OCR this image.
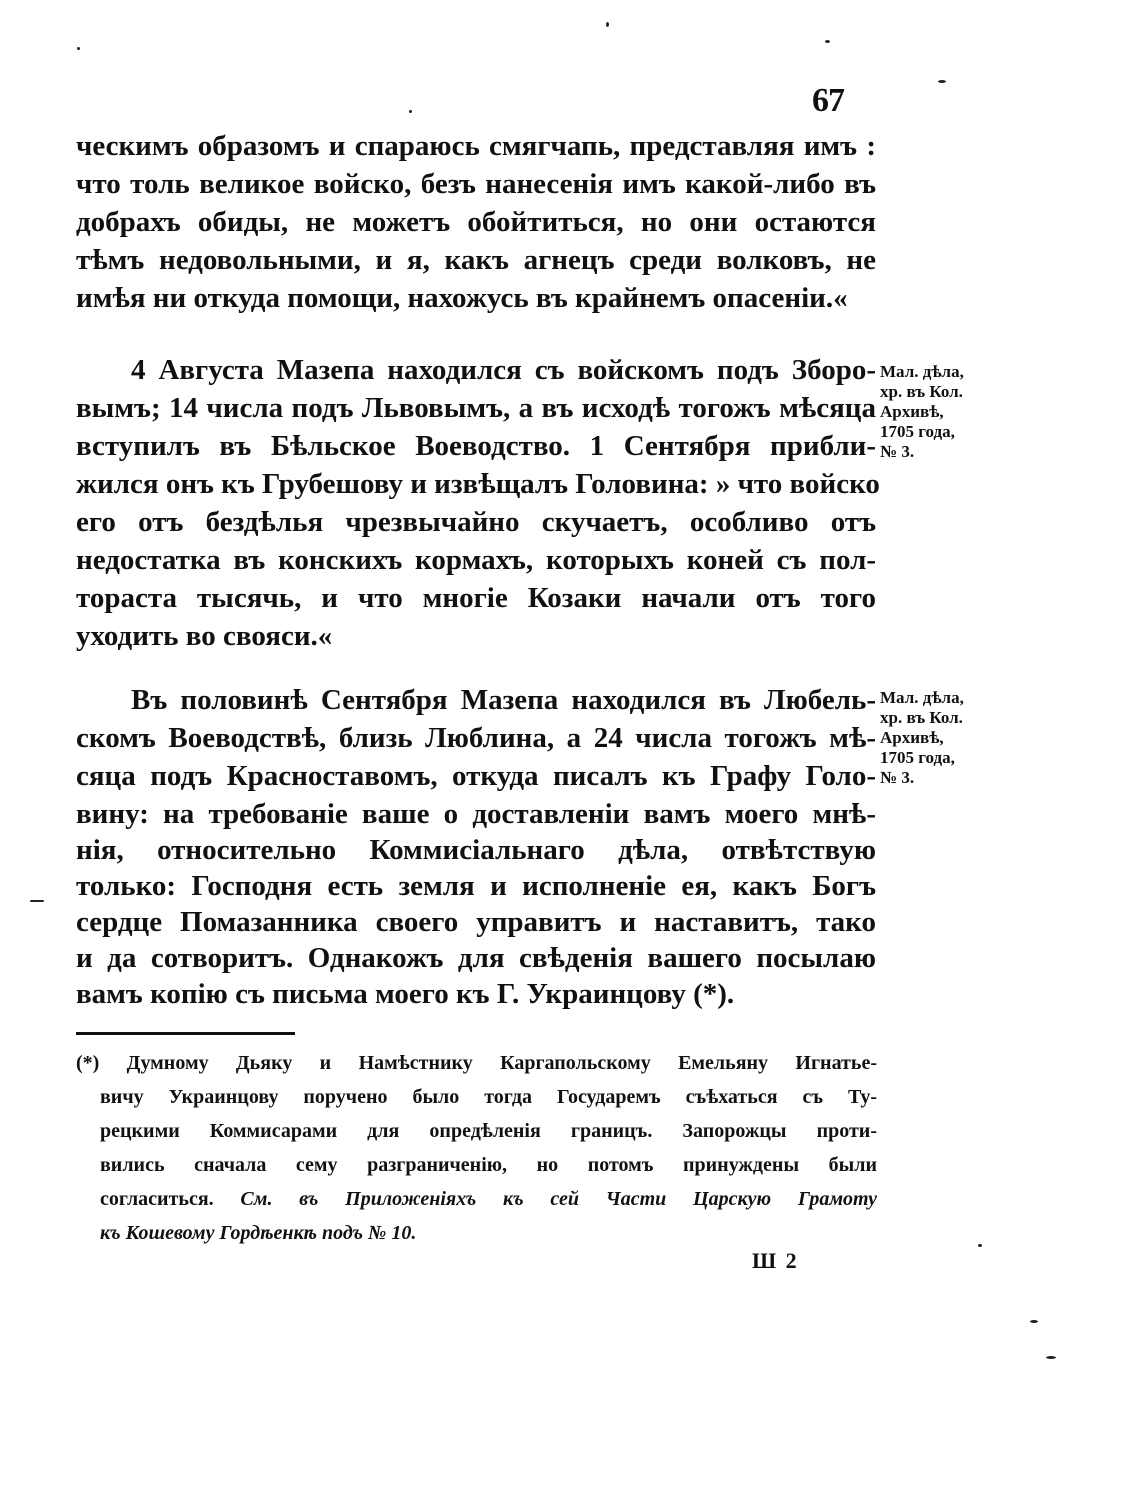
67
ческимъ образомъ и спараюсь смягчапь, представляя имъ :
что толь великое войско, безъ нанесенія имъ какой-либо въ
добрахъ обиды, не можетъ обойтиться, но они остаются
тѣмъ недовольными, и я, какъ агнецъ среди волковъ, не
имѣя ни откуда помощи, нахожусь въ крайнемъ опасеніи.«
4 Августа Мазепа находился съ войскомъ подъ Зборо-
вымъ; 14 числа подъ Львовымъ, а въ исходѣ тогожъ мѣсяца
вступилъ въ Бѣльское Воеводство. 1 Сентября прибли-
жился онъ къ Грубешову и извѣщалъ Головина: » что войско
его отъ бездѣлья чрезвычайно скучаетъ, особливо отъ
недостатка въ конскихъ кормахъ, которыхъ коней съ пол-
тораста тысячь, и что многіе Козаки начали отъ того
уходить во свояси.«
Мал. дѣла,
хр. въ Кол.
Архивѣ,
1705 года,
№ 3.
Въ половинѣ Сентября Мазепа находился въ Любель-
скомъ Воеводствѣ, близь Люблина, а 24 числа тогожъ мѣ-
сяца подъ Красноставомъ, откуда писалъ къ Графу Голо-
вину: на требованіе ваше о доставленіи вамъ моего мнѣ-
нія, относительно Коммисіальнаго дѣла, отвѣтствую
только: Господня есть земля и исполненіе ея, какъ Богъ
сердце Помазанника своего управитъ и наставитъ, тако
и да сотворитъ. Однакожъ для свѣденія вашего посылаю
вамъ копію съ письма моего къ Г. Украинцову (*).
Мал. дѣла,
хр. въ Кол.
Архивѣ,
1705 года,
№ 3.
(*) Думному Дьяку и Намѣстнику Каргапольскому Емельяну Игнатье-
вичу Украинцову поручено было тогда Государемъ съѣхаться съ Ту-
рецкими Коммисарами для опредѣленія границъ. Запорожцы проти-
вились сначала сему разграниченію, но потомъ принуждены были
согласиться. См. въ Приложеніяхъ къ сей Части Царскую Грамоту
къ Кошевому Гордѣенкѣ подъ № 10.
Ш 2
